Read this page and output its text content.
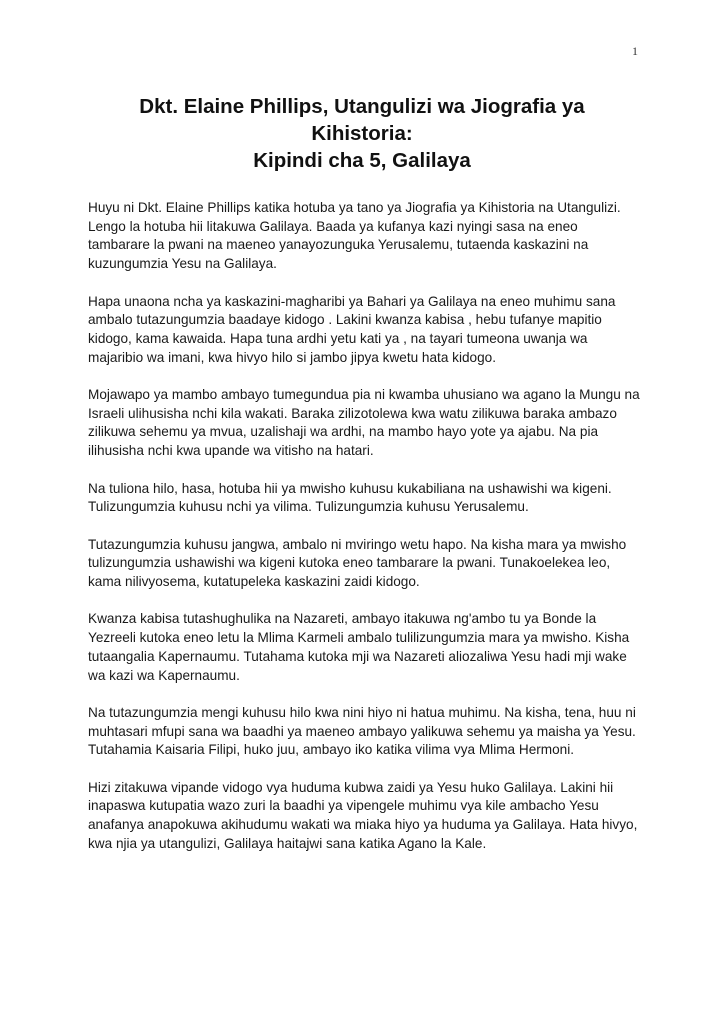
1
Dkt. Elaine Phillips, Utangulizi wa Jiografia ya
Kihistoria:
Kipindi cha 5, Galilaya

Huyu ni Dkt. Elaine Phillips katika hotuba ya tano ya Jiografia ya Kihistoria na Utangulizi. Lengo la hotuba hii litakuwa Galilaya. Baada ya kufanya kazi nyingi sasa na eneo tambarare la pwani na maeneo yanayozunguka Yerusalemu, tutaenda kaskazini na kuzungumzia Yesu na Galilaya.

Hapa unaona ncha ya kaskazini-magharibi ya Bahari ya Galilaya na eneo muhimu sana ambalo tutazungumzia baadaye kidogo . Lakini kwanza kabisa , hebu tufanye mapitio kidogo, kama kawaida. Hapa tuna ardhi yetu kati ya , na tayari tumeona uwanja wa majaribio wa imani, kwa hivyo hilo si jambo jipya kwetu hata kidogo.

Mojawapo ya mambo ambayo tumegundua pia ni kwamba uhusiano wa agano la Mungu na Israeli ulihusisha nchi kila wakati. Baraka zilizotolewa kwa watu zilikuwa baraka ambazo zilikuwa sehemu ya mvua, uzalishaji wa ardhi, na mambo hayo yote ya ajabu. Na pia ilihusisha nchi kwa upande wa vitisho na hatari.

Na tuliona hilo, hasa, hotuba hii ya mwisho kuhusu kukabiliana na ushawishi wa kigeni. Tulizungumzia kuhusu nchi ya vilima. Tulizungumzia kuhusu Yerusalemu.

Tutazungumzia kuhusu jangwa, ambalo ni mviringo wetu hapo. Na kisha mara ya mwisho tulizungumzia ushawishi wa kigeni kutoka eneo tambarare la pwani. Tunakoelekea leo, kama nilivyosema, kutatupeleka kaskazini zaidi kidogo.

Kwanza kabisa tutashughulika na Nazareti, ambayo itakuwa ng'ambo tu ya Bonde la Yezreeli kutoka eneo letu la Mlima Karmeli ambalo tulilizungumzia mara ya mwisho. Kisha tutaangalia Kapernaumu. Tutahama kutoka mji wa Nazareti aliozaliwa Yesu hadi mji wake wa kazi wa Kapernaumu.

Na tutazungumzia mengi kuhusu hilo kwa nini hiyo ni hatua muhimu. Na kisha, tena, huu ni muhtasari mfupi sana wa baadhi ya maeneo ambayo yalikuwa sehemu ya maisha ya Yesu. Tutahamia Kaisaria Filipi, huko juu, ambayo iko katika vilima vya Mlima Hermoni.

Hizi zitakuwa vipande vidogo vya huduma kubwa zaidi ya Yesu huko Galilaya. Lakini hii inapaswa kutupatia wazo zuri la baadhi ya vipengele muhimu vya kile ambacho Yesu anafanya anapokuwa akihudumu wakati wa miaka hiyo ya huduma ya Galilaya. Hata hivyo, kwa njia ya utangulizi, Galilaya haitajwi sana katika Agano la Kale.
